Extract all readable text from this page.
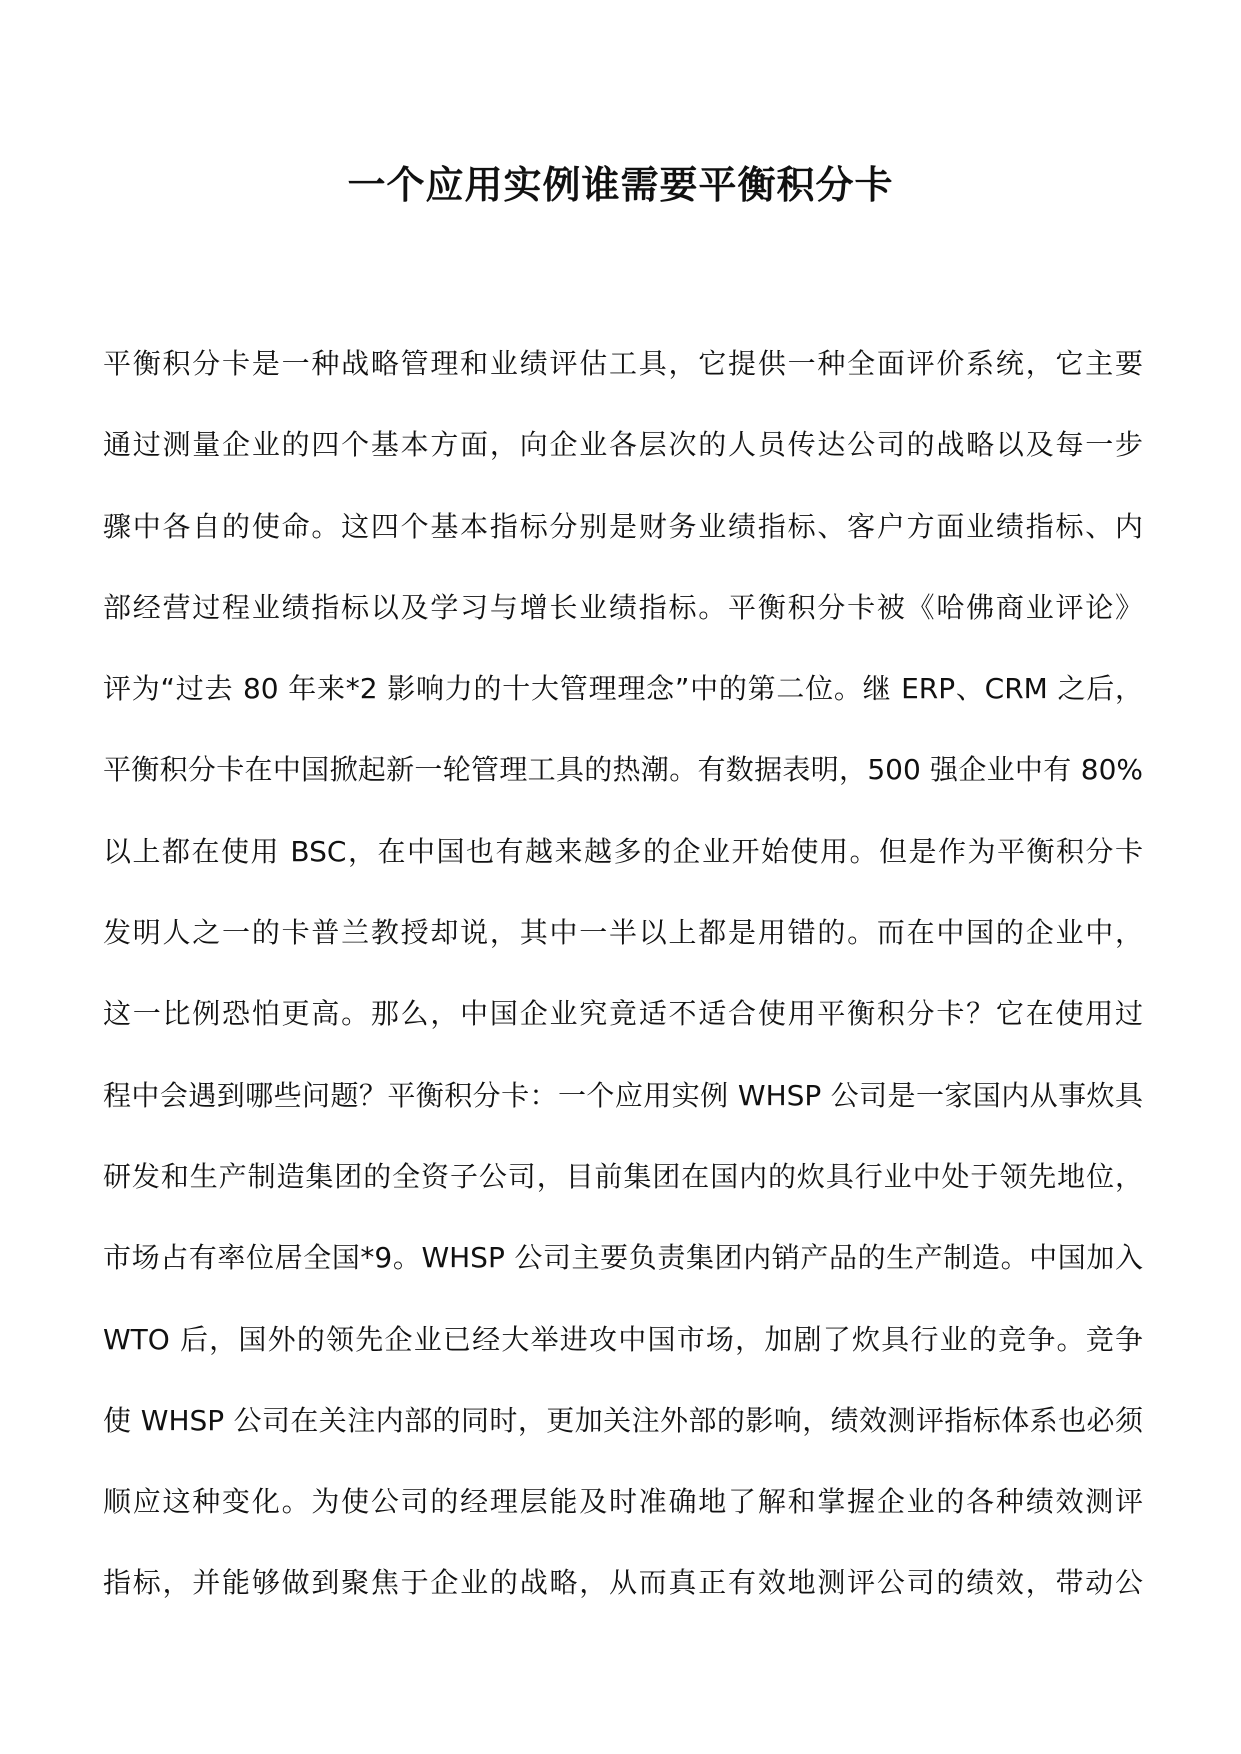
一个应用实例谁需要平衡积分卡
平衡积分卡是一种战略管理和业绩评估工具，它提供一种全面评价系统，它主要
通过测量企业的四个基本方面，向企业各层次的人员传达公司的战略以及每一步
骤中各自的使命。这四个基本指标分别是财务业绩指标、客户方面业绩指标、内
部经营过程业绩指标以及学习与增长业绩指标。平衡积分卡被《哈佛商业评论》
评为“过去 80 年来*2 影响力的十大管理理念”中的第二位。继 ERP、CRM 之后，
平衡积分卡在中国掀起新一轮管理工具的热潮。有数据表明，500 强企业中有 80%
以上都在使用 BSC，在中国也有越来越多的企业开始使用。但是作为平衡积分卡
发明人之一的卡普兰教授却说，其中一半以上都是用错的。而在中国的企业中，
这一比例恐怕更高。那么，中国企业究竟适不适合使用平衡积分卡？它在使用过
程中会遇到哪些问题？平衡积分卡：一个应用实例 WHSP 公司是一家国内从事炊具
研发和生产制造集团的全资子公司，目前集团在国内的炊具行业中处于领先地位，
市场占有率位居全国*9。WHSP 公司主要负责集团内销产品的生产制造。中国加入
WTO 后，国外的领先企业已经大举进攻中国市场，加剧了炊具行业的竞争。竞争
使 WHSP 公司在关注内部的同时，更加关注外部的影响，绩效测评指标体系也必须
顺应这种变化。为使公司的经理层能及时准确地了解和掌握企业的各种绩效测评
指标，并能够做到聚焦于企业的战略，从而真正有效地测评公司的绩效，带动公
